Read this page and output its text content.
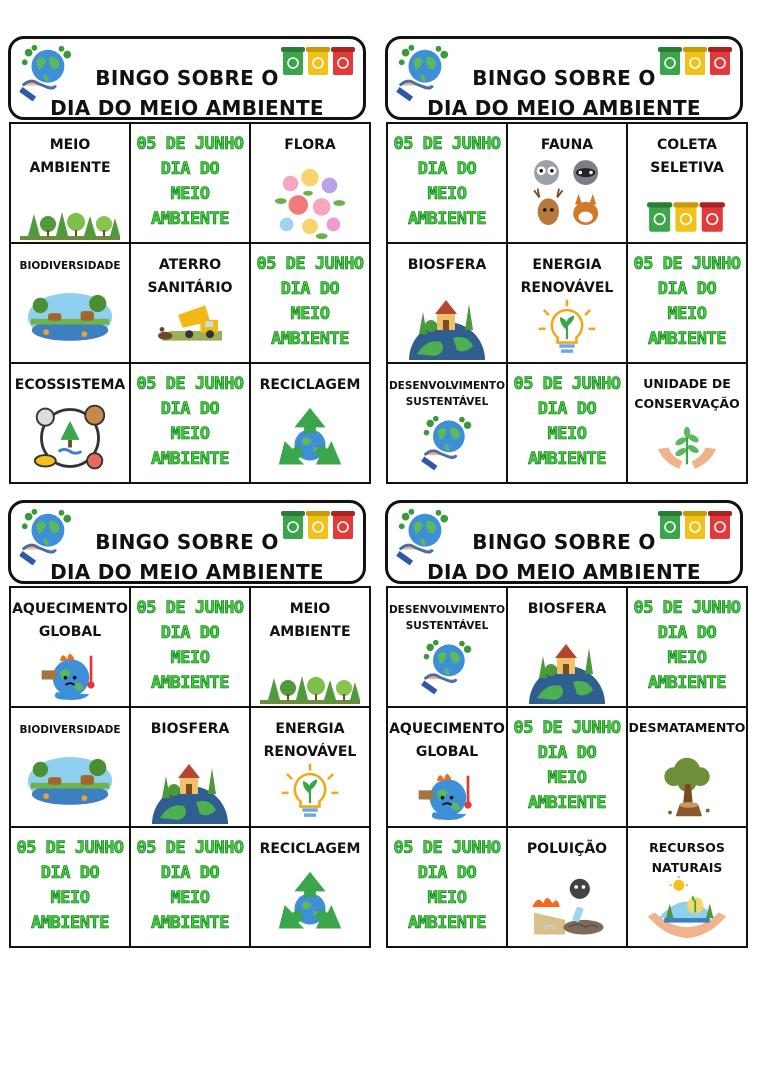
BINGO SOBRE O
DIA DO MEIO AMBIENTE
MEIO
AMBIENTE	05 DE JUNHO
DIA DO
MEIO
AMBIENTE	FLORA

BIODIVERSIDADE	ATERRO
SANITÁRIO	05 DE JUNHO
DIA DO
MEIO
AMBIENTE

ECOSSISTEMA	05 DE JUNHO
DIA DO
MEIO
AMBIENTE	RECICLAGEM
BINGO SOBRE O
DIA DO MEIO AMBIENTE
05 DE JUNHO
DIA DO
MEIO
AMBIENTE	FAUNA	COLETA
SELETIVA

BIOSFERA	ENERGIA
RENOVÁVEL	05 DE JUNHO
DIA DO
MEIO
AMBIENTE

DESENVOLVIMENTO
SUSTENTÁVEL	05 DE JUNHO
DIA DO
MEIO
AMBIENTE	UNIDADE DE
CONSERVAÇÃO
BINGO SOBRE O
DIA DO MEIO AMBIENTE
AQUECIMENTO
GLOBAL	05 DE JUNHO
DIA DO
MEIO
AMBIENTE	MEIO
AMBIENTE

BIODIVERSIDADE	BIOSFERA	ENERGIA
RENOVÁVEL

05 DE JUNHO
DIA DO
MEIO
AMBIENTE	05 DE JUNHO
DIA DO
MEIO
AMBIENTE	RECICLAGEM
BINGO SOBRE O
DIA DO MEIO AMBIENTE
DESENVOLVIMENTO
SUSTENTÁVEL	BIOSFERA	05 DE JUNHO
DIA DO
MEIO
AMBIENTE

AQUECIMENTO
GLOBAL	05 DE JUNHO
DIA DO
MEIO
AMBIENTE	DESMATAMENTO

05 DE JUNHO
DIA DO
MEIO
AMBIENTE	POLUIÇÃO	RECURSOS
NATURAIS
